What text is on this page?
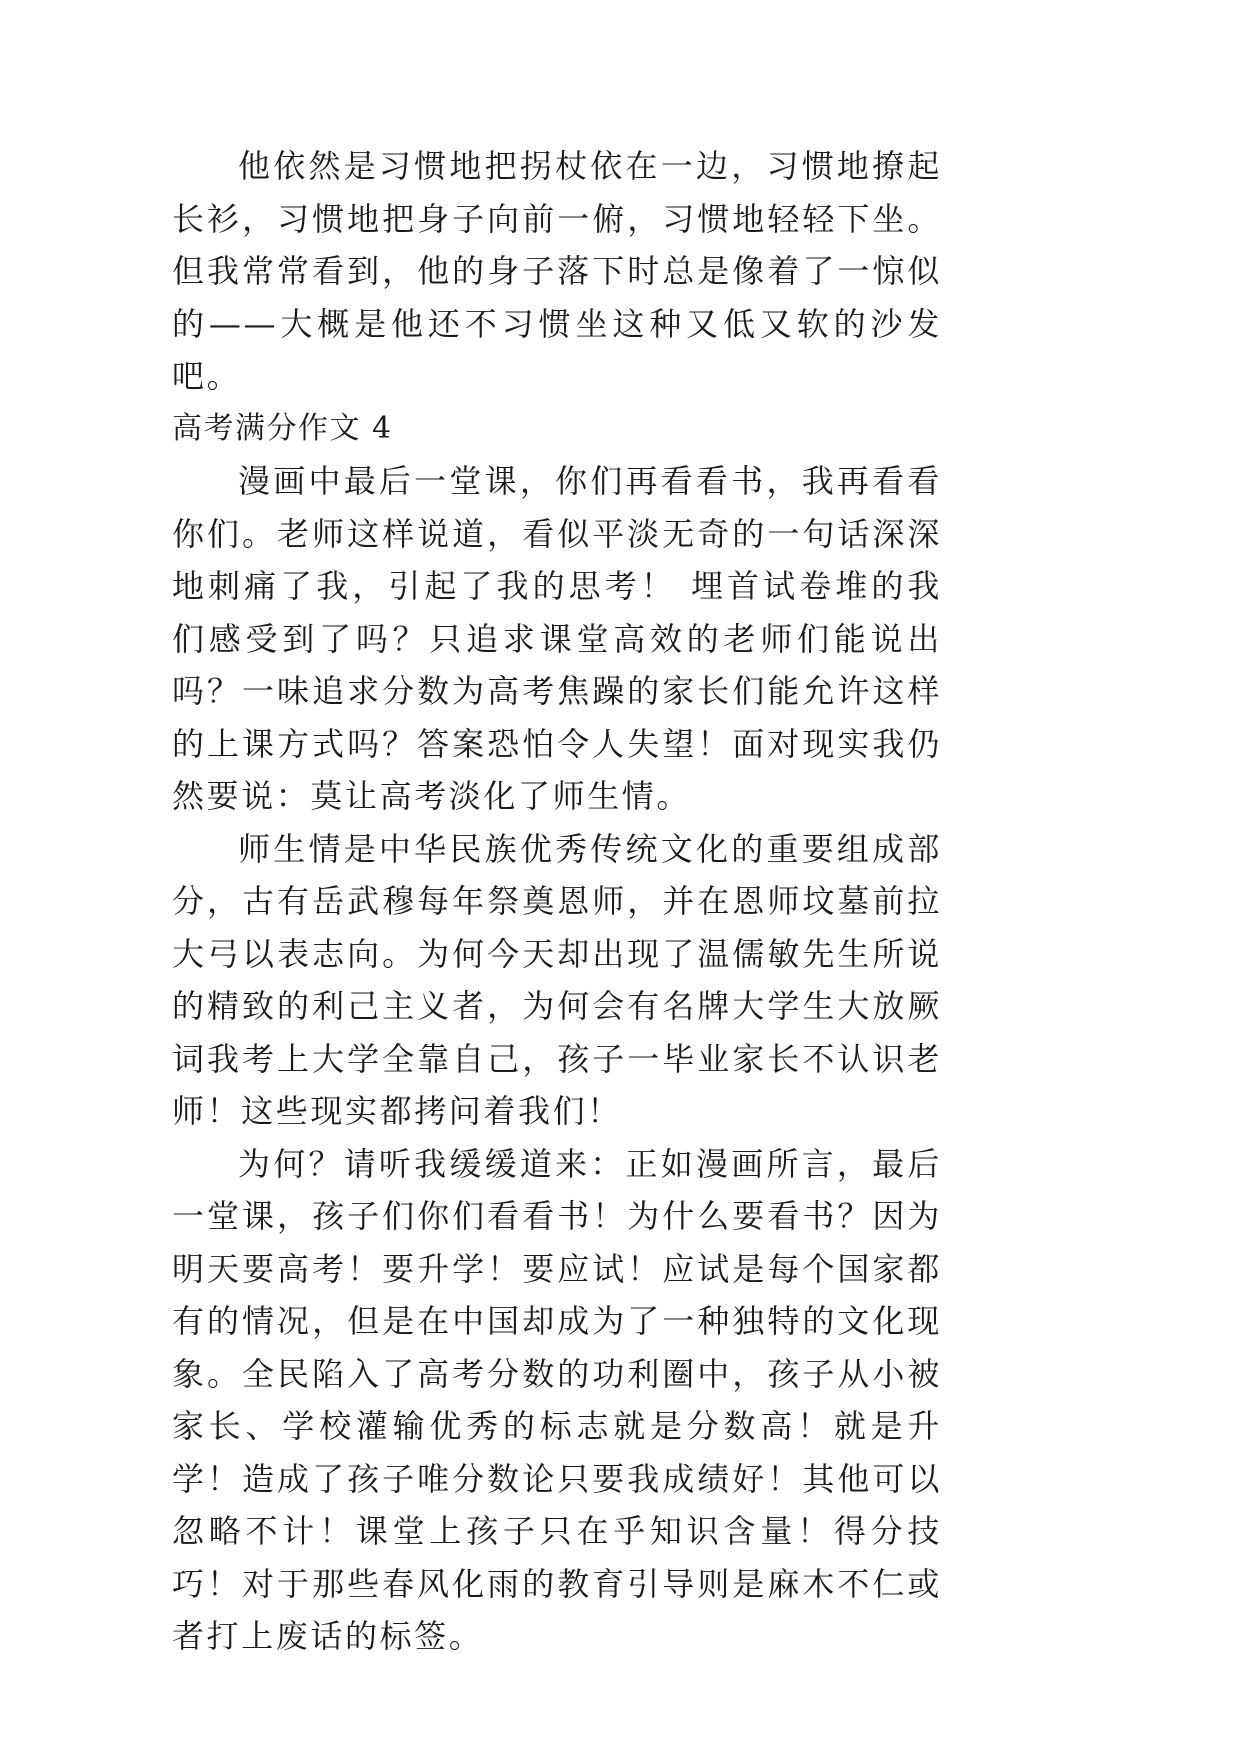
他依然是习惯地把拐杖依在一边，习惯地撩起长衫，习惯地把身子向前一俯，习惯地轻轻下坐。但我常常看到，他的身子落下时总是像着了一惊似的——大概是他还不习惯坐这种又低又软的沙发吧。

高考满分作文 4

漫画中最后一堂课，你们再看看书，我再看看你们。老师这样说道，看似平淡无奇的一句话深深地刺痛了我，引起了我的思考！ 埋首试卷堆的我们感受到了吗？只追求课堂高效的老师们能说出吗？一味追求分数为高考焦躁的家长们能允许这样的上课方式吗？答案恐怕令人失望！面对现实我仍然要说：莫让高考淡化了师生情。

师生情是中华民族优秀传统文化的重要组成部分，古有岳武穆每年祭奠恩师，并在恩师坟墓前拉大弓以表志向。为何今天却出现了温儒敏先生所说的精致的利己主义者，为何会有名牌大学生大放厥词我考上大学全靠自己，孩子一毕业家长不认识老师！这些现实都拷问着我们！

为何？请听我缓缓道来：正如漫画所言，最后一堂课，孩子们你们看看书！为什么要看书？因为明天要高考！要升学！要应试！应试是每个国家都有的情况，但是在中国却成为了一种独特的文化现象。全民陷入了高考分数的功利圈中，孩子从小被家长、学校灌输优秀的标志就是分数高！就是升学！造成了孩子唯分数论只要我成绩好！其他可以忽略不计！课堂上孩子只在乎知识含量！得分技巧！对于那些春风化雨的教育引导则是麻木不仁或者打上废话的标签。
